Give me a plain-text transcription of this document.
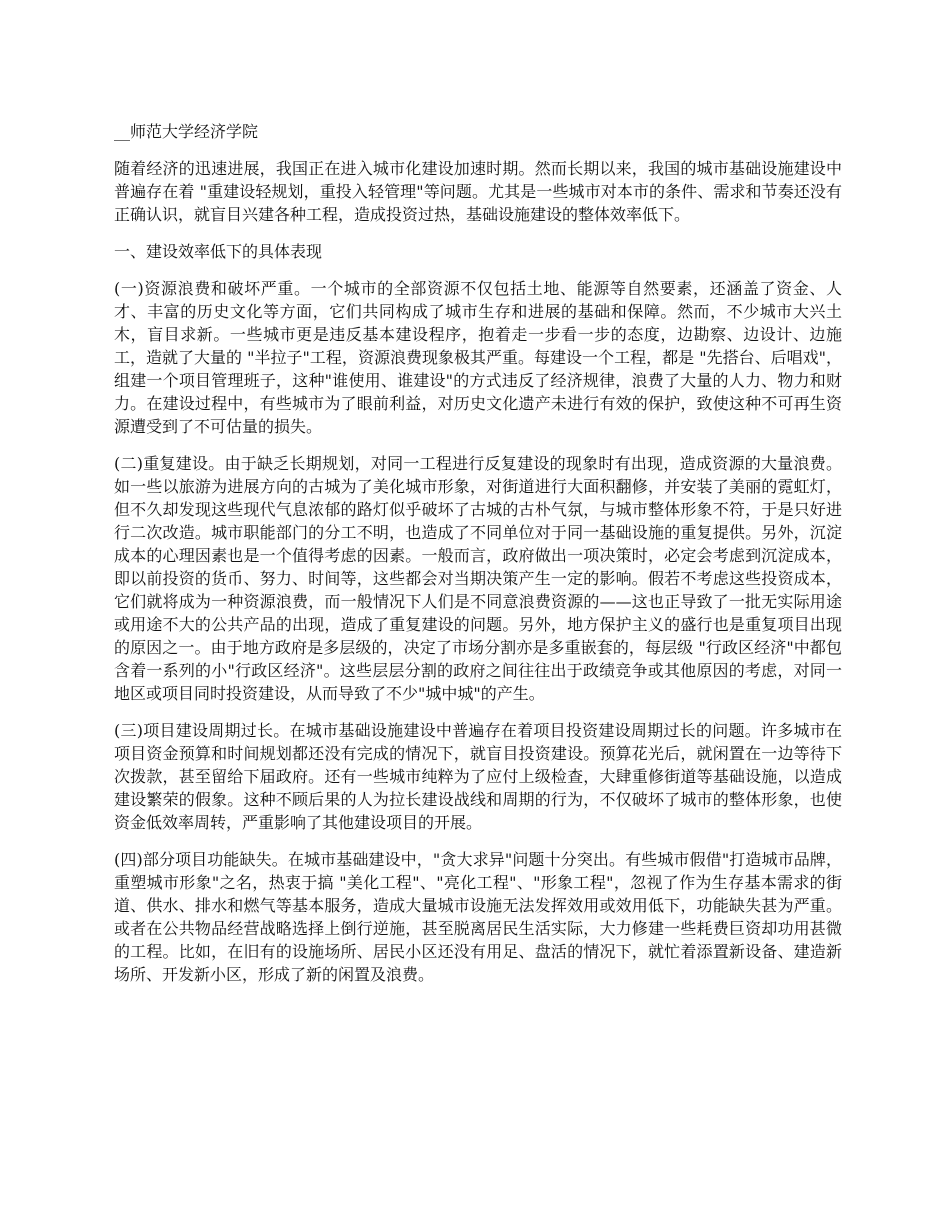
__师范大学经济学院

随着经济的迅速进展，我国正在进入城市化建设加速时期。然而长期以来，我国的城市基础设施建设中普遍存在着 "重建设轻规划，重投入轻管理"等问题。尤其是一些城市对本市的条件、需求和节奏还没有正确认识，就盲目兴建各种工程，造成投资过热，基础设施建设的整体效率低下。

一、建设效率低下的具体表现

(一)资源浪费和破坏严重。一个城市的全部资源不仅包括土地、能源等自然要素，还涵盖了资金、人才、丰富的历史文化等方面，它们共同构成了城市生存和进展的基础和保障。然而，不少城市大兴土木，盲目求新。一些城市更是违反基本建设程序，抱着走一步看一步的态度，边勘察、边设计、边施工，造就了大量的 "半拉子"工程，资源浪费现象极其严重。每建设一个工程，都是 "先搭台、后唱戏"，组建一个项目管理班子，这种"谁使用、谁建设"的方式违反了经济规律，浪费了大量的人力、物力和财力。在建设过程中，有些城市为了眼前利益，对历史文化遗产未进行有效的保护，致使这种不可再生资源遭受到了不可估量的损失。

(二)重复建设。由于缺乏长期规划，对同一工程进行反复建设的现象时有出现，造成资源的大量浪费。如一些以旅游为进展方向的古城为了美化城市形象，对街道进行大面积翻修，并安装了美丽的霓虹灯，但不久却发现这些现代气息浓郁的路灯似乎破坏了古城的古朴气氛，与城市整体形象不符，于是只好进行二次改造。城市职能部门的分工不明，也造成了不同单位对于同一基础设施的重复提供。另外，沉淀成本的心理因素也是一个值得考虑的因素。一般而言，政府做出一项决策时，必定会考虑到沉淀成本，即以前投资的货币、努力、时间等，这些都会对当期决策产生一定的影响。假若不考虑这些投资成本，它们就将成为一种资源浪费，而一般情况下人们是不同意浪费资源的——这也正导致了一批无实际用途或用途不大的公共产品的出现，造成了重复建设的问题。另外，地方保护主义的盛行也是重复项目出现的原因之一。由于地方政府是多层级的，决定了市场分割亦是多重嵌套的，每层级 "行政区经济"中都包含着一系列的小"行政区经济"。这些层层分割的政府之间往往出于政绩竞争或其他原因的考虑，对同一地区或项目同时投资建设，从而导致了不少"城中城"的产生。

(三)项目建设周期过长。在城市基础设施建设中普遍存在着项目投资建设周期过长的问题。许多城市在项目资金预算和时间规划都还没有完成的情况下，就盲目投资建设。预算花光后，就闲置在一边等待下次拨款，甚至留给下届政府。还有一些城市纯粹为了应付上级检查，大肆重修街道等基础设施，以造成建设繁荣的假象。这种不顾后果的人为拉长建设战线和周期的行为，不仅破坏了城市的整体形象，也使资金低效率周转，严重影响了其他建设项目的开展。

(四)部分项目功能缺失。在城市基础建设中，"贪大求异"问题十分突出。有些城市假借"打造城市品牌，重塑城市形象"之名，热衷于搞 "美化工程"、"亮化工程"、"形象工程"，忽视了作为生存基本需求的街道、供水、排水和燃气等基本服务，造成大量城市设施无法发挥效用或效用低下，功能缺失甚为严重。或者在公共物品经营战略选择上倒行逆施，甚至脱离居民生活实际，大力修建一些耗费巨资却功用甚微的工程。比如，在旧有的设施场所、居民小区还没有用足、盘活的情况下，就忙着添置新设备、建造新场所、开发新小区，形成了新的闲置及浪费。
